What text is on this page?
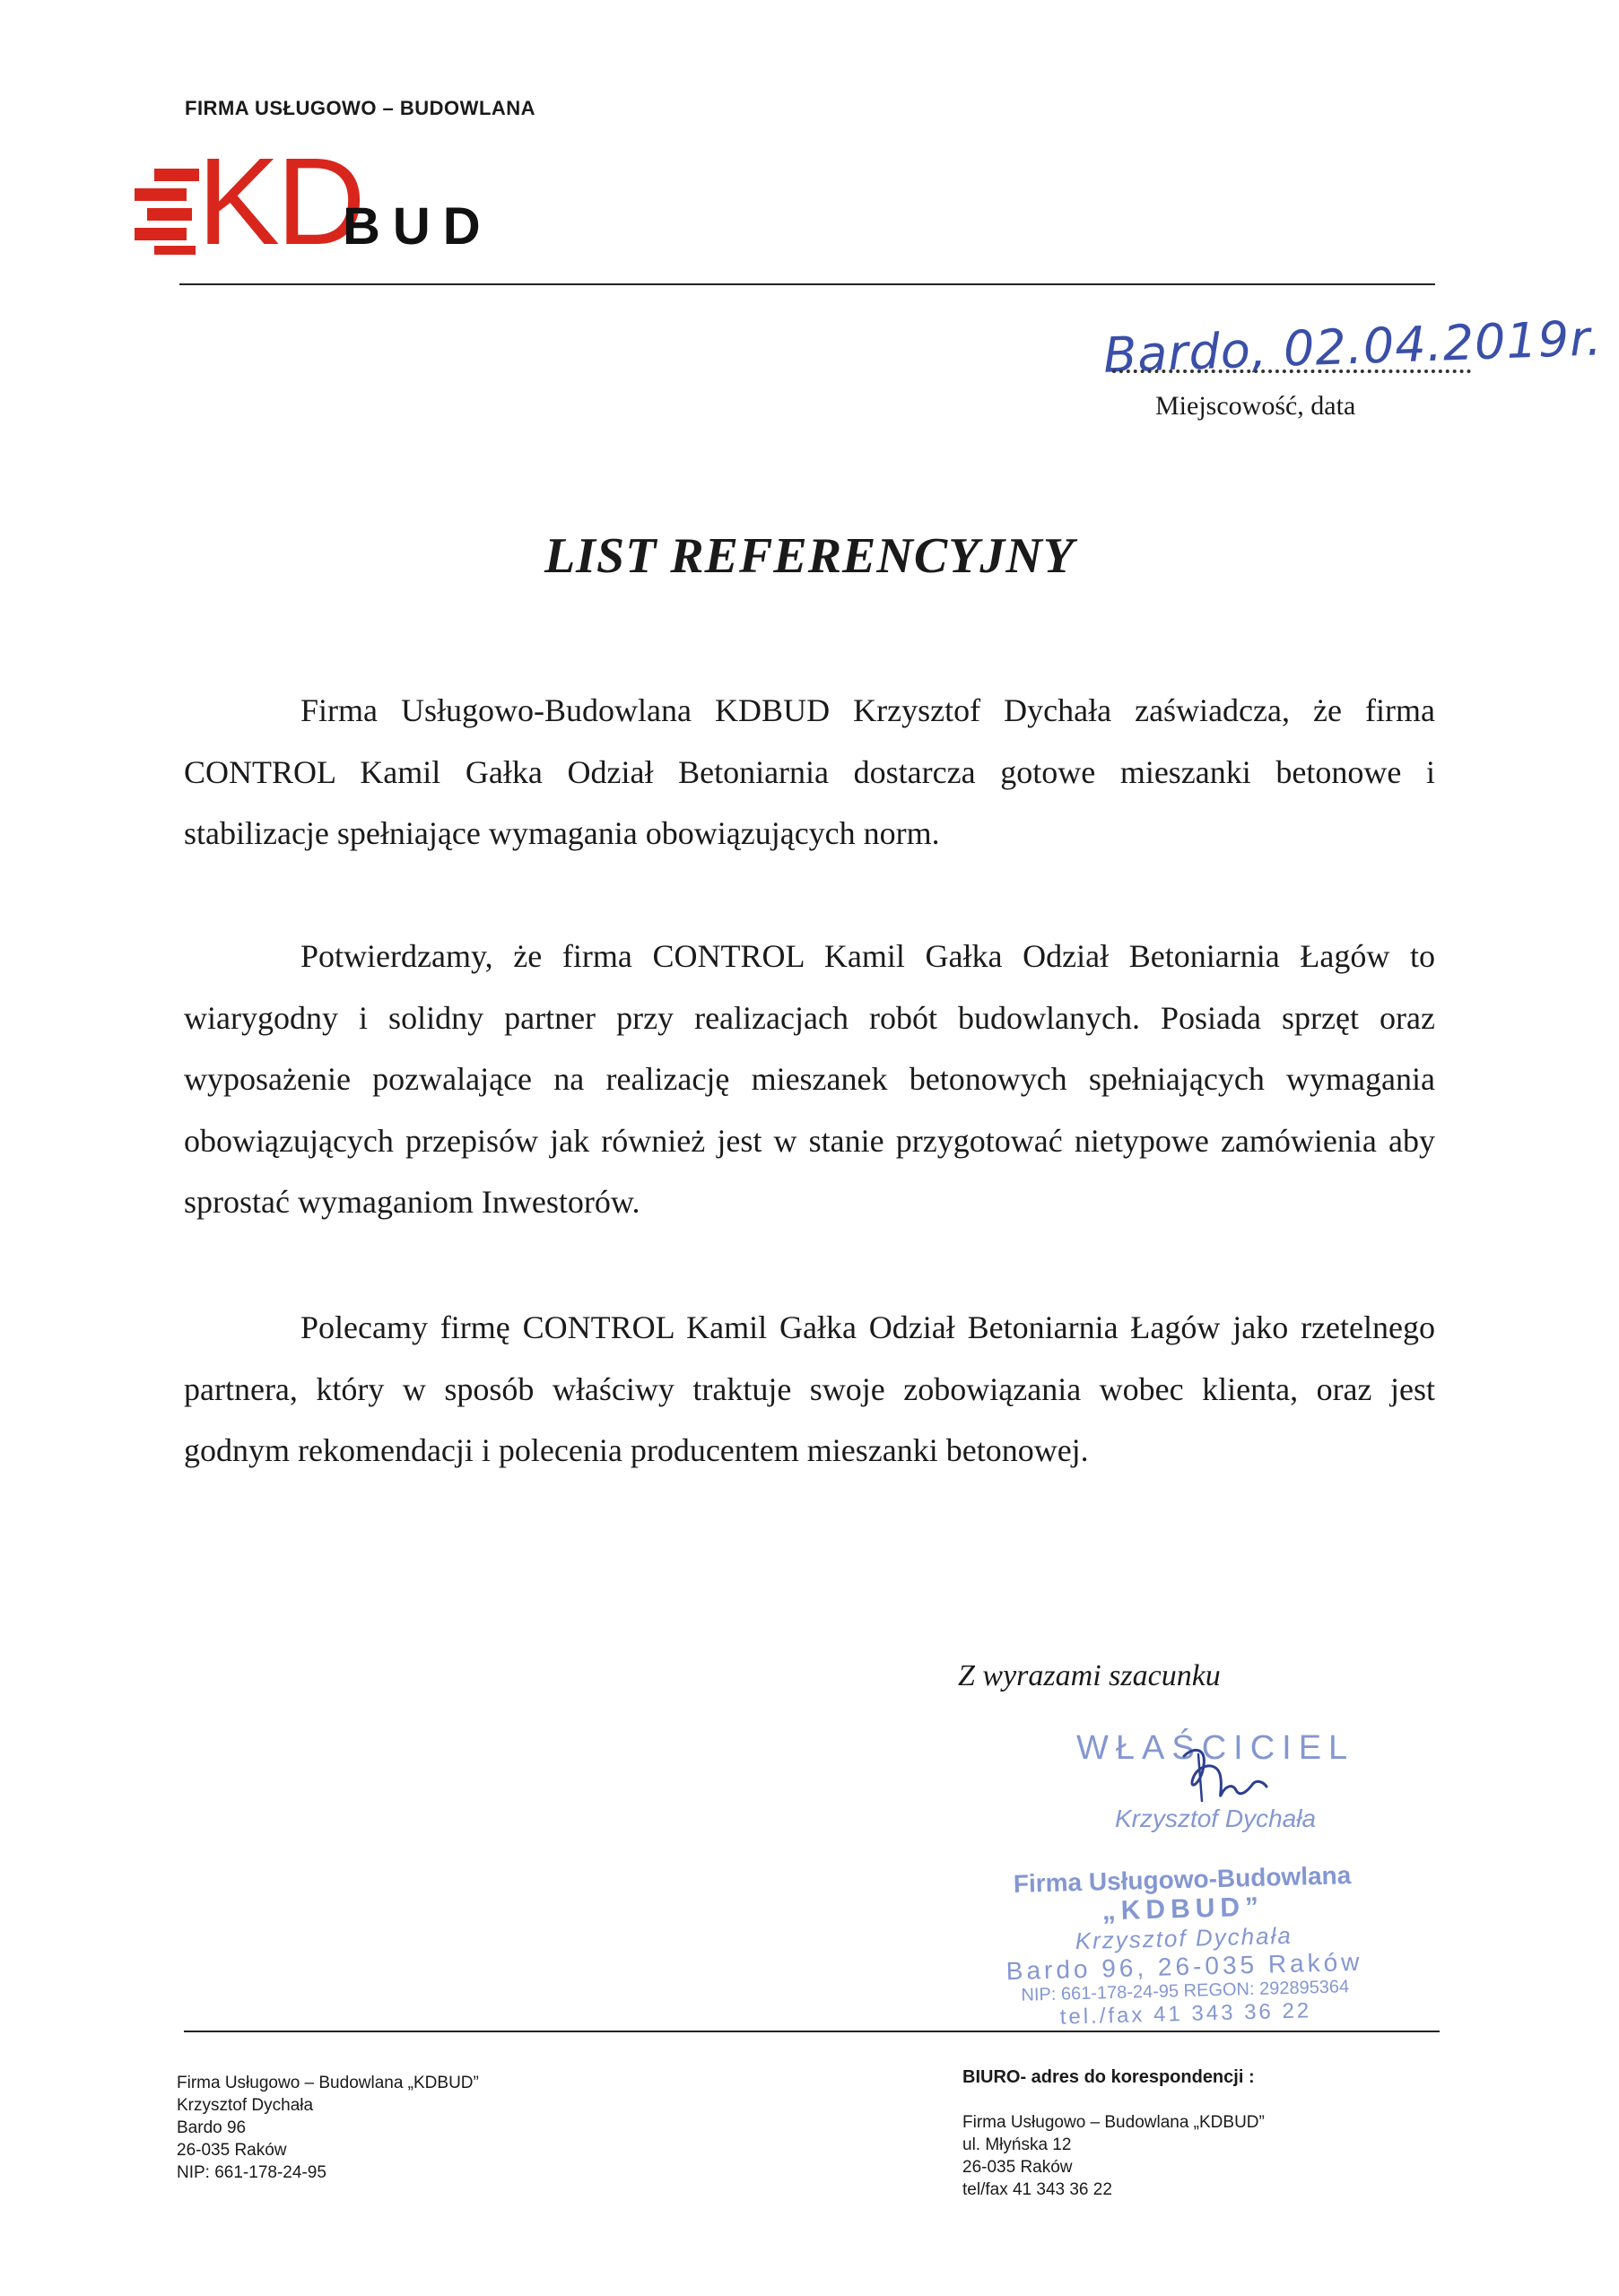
FIRMA USŁUGOWO – BUDOWLANA
KD
BUD
Bardo, 02.04.2019r.
Miejscowość, data
LIST REFERENCYJNY

Firma Usługowo-Budowlana KDBUD Krzysztof Dychała zaświadcza, że firma CONTROL Kamil Gałka Odział Betoniarnia dostarcza gotowe mieszanki betonowe i stabilizacje spełniające wymagania obowiązujących norm.

Potwierdzamy, że firma CONTROL Kamil Gałka Odział Betoniarnia Łagów to wiarygodny i solidny partner przy realizacjach robót budowlanych. Posiada sprzęt oraz wyposażenie pozwalające na realizację mieszanek betonowych spełniających wymagania obowiązujących przepisów jak również jest w stanie przygotować nietypowe zamówienia aby sprostać wymaganiom Inwestorów.

Polecamy firmę CONTROL Kamil Gałka Odział Betoniarnia Łagów jako rzetelnego partnera, który w sposób właściwy traktuje swoje zobowiązania wobec klienta, oraz jest godnym rekomendacji i polecenia producentem mieszanki betonowej.

Z wyrazami szacunku
WŁAŚCICIEL
Krzysztof Dychała
Firma Usługowo-Budowlana
„KDBUD”
Krzysztof Dychała
Bardo 96, 26-035 Raków
NIP: 661-178-24-95 REGON: 292895364
tel./fax 41 343 36 22
Firma Usługowo – Budowlana „KDBUD”
Krzysztof Dychała
Bardo 96
26-035 Raków
NIP: 661-178-24-95
BIURO- adres do korespondencji :
Firma Usługowo – Budowlana „KDBUD”
ul. Młyńska 12
26-035 Raków
tel/fax 41 343 36 22
